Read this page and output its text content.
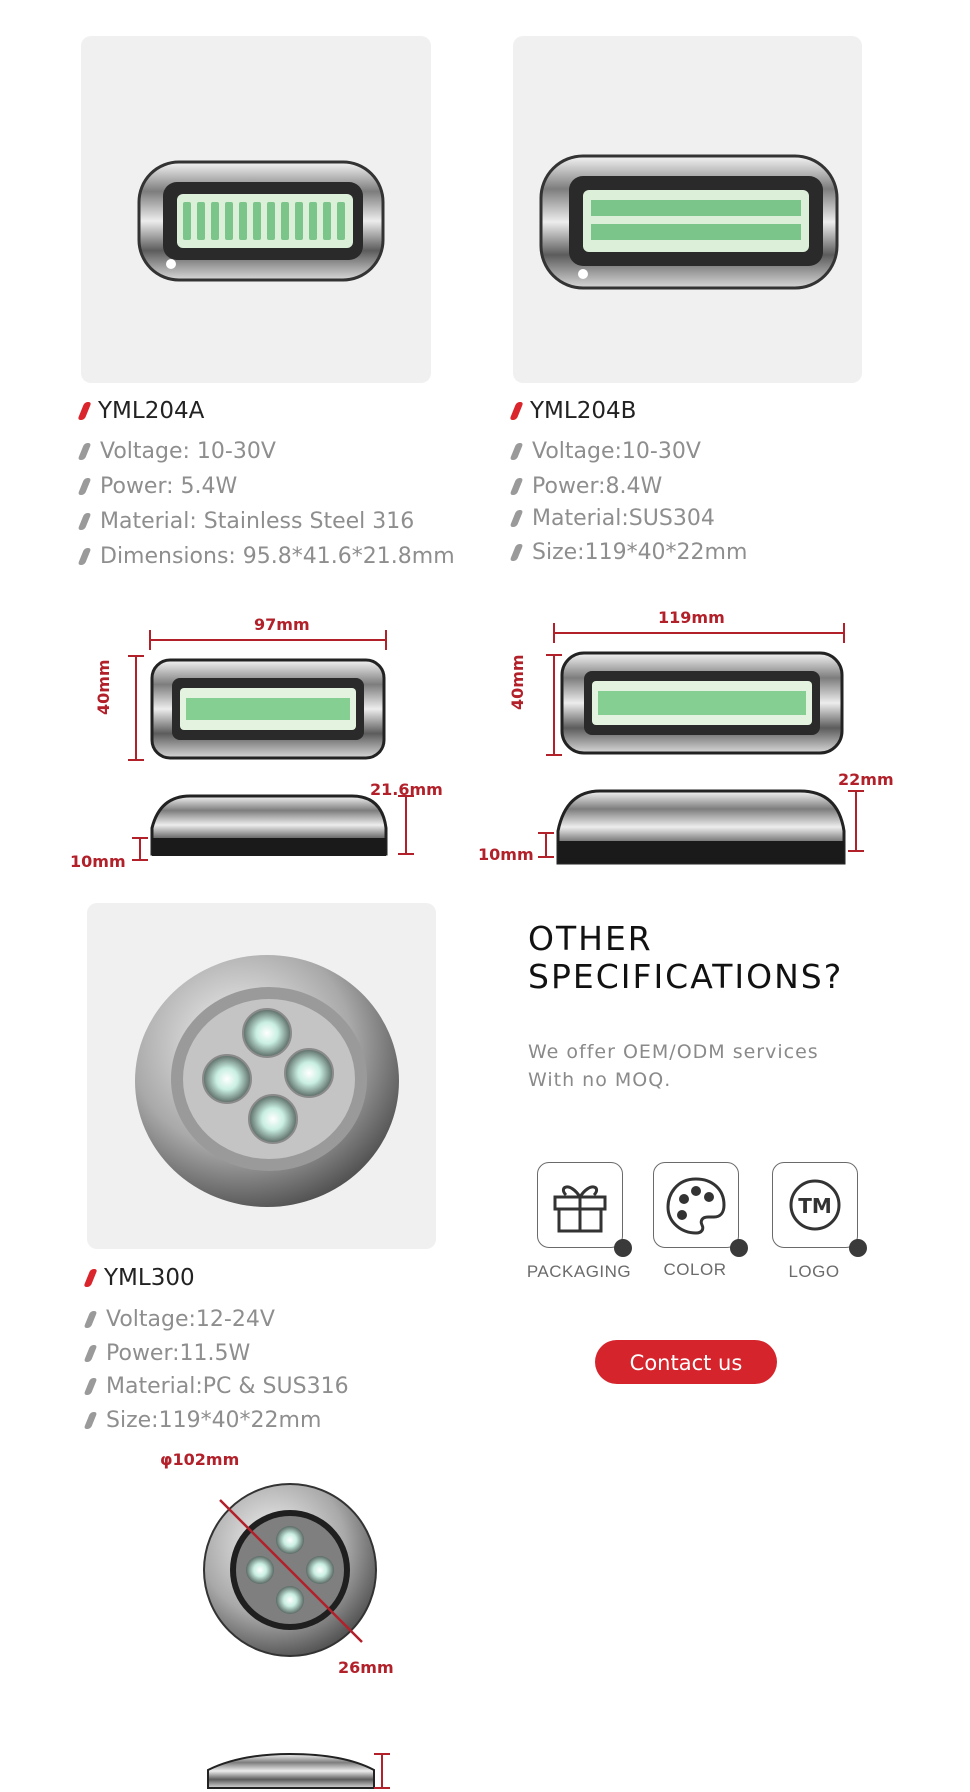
YML204A
Voltage: 10-30V
Power: 5.4W
Material: Stainless Steel 316
Dimensions: 95.8*41.6*21.8mm
97mm
40mm
21.6mm
10mm
YML204B
Voltage:10-30V
Power:8.4W
Material:SUS304
Size:119*40*22mm
119mm
40mm
22mm
10mm
YML300
Voltage:12-24V
Power:11.5W
Material:PC & SUS316
Size:119*40*22mm
φ102mm
26mm
OTHER
SPECIFICATIONS?
We offer OEM/ODM services
With no MOQ.
PACKAGING	COLOR
TM
LOGO
Contact us
